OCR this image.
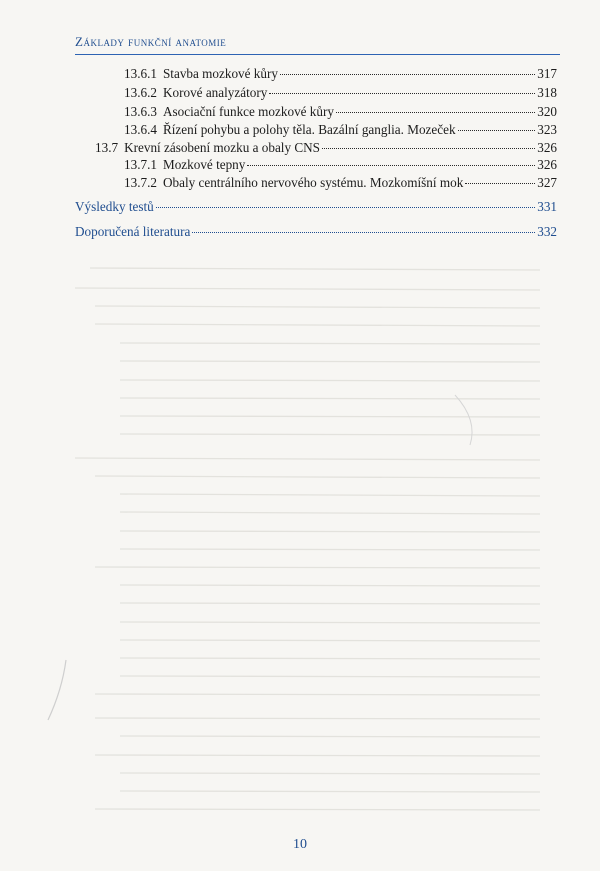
Základy funkční anatomie
13.6.1 Stavba mozkové kůry	317
13.6.2 Korové analyzátory	318
13.6.3 Asociační funkce mozkové kůry	320
13.6.4 Řízení pohybu a polohy těla. Bazální ganglia. Mozeček	323
13.7 Krevní zásobení mozku a obaly CNS	326
13.7.1 Mozkové tepny	326
13.7.2 Obaly centrálního nervového systému. Mozkomíšní mok	327
Výsledky testů	331
Doporučená literatura	332
10
